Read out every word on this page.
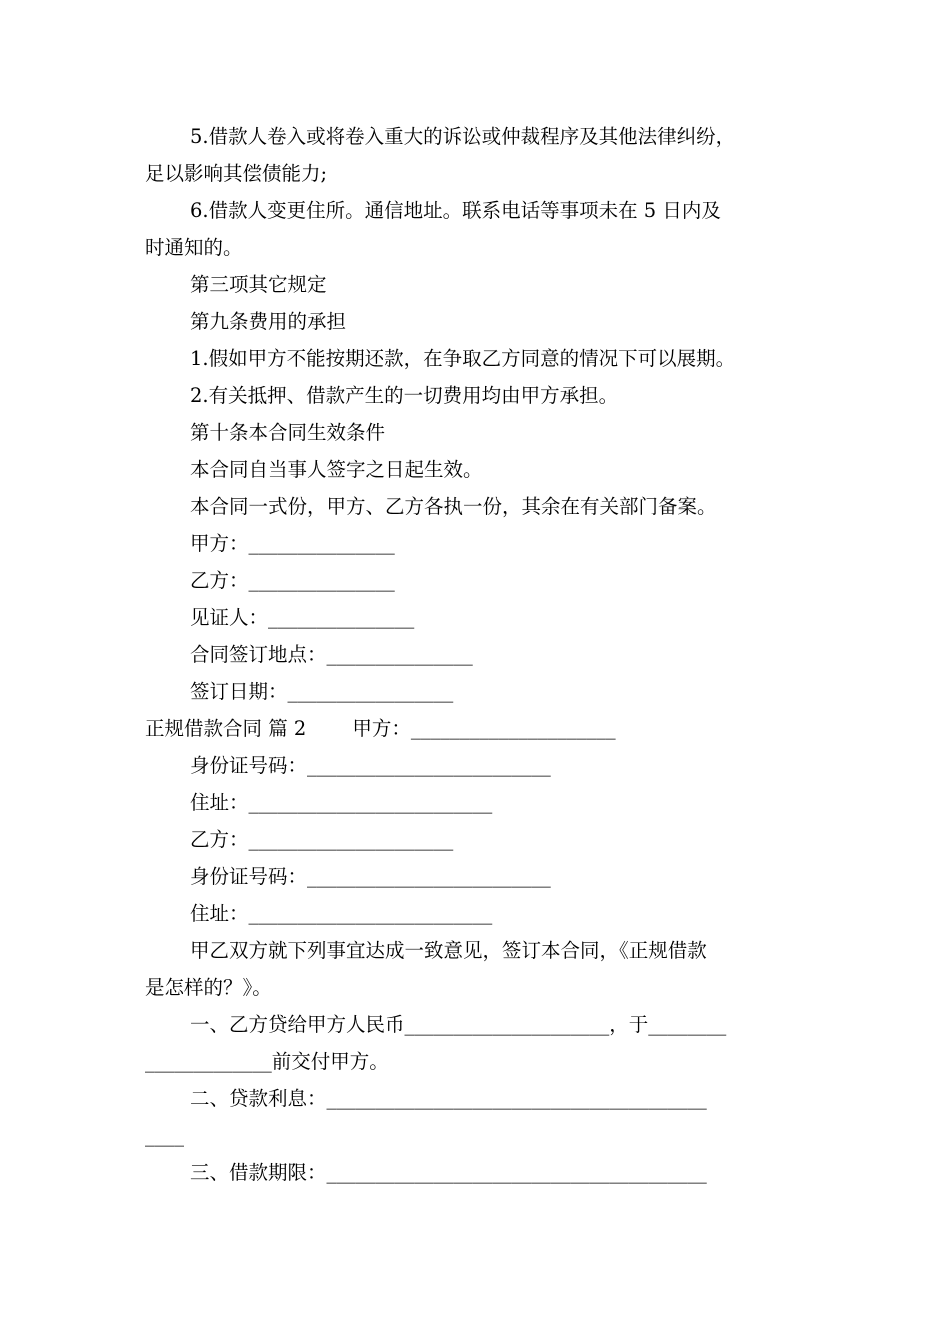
5.借款人卷入或将卷入重大的诉讼或仲裁程序及其他法律纠纷，
足以影响其偿债能力;
6.借款人变更住所。通信地址。联系电话等事项未在 5 日内及
时通知的。
第三项其它规定
第九条费用的承担
1.假如甲方不能按期还款，在争取乙方同意的情况下可以展期。
2.有关抵押、借款产生的一切费用均由甲方承担。
第十条本合同生效条件
本合同自当事人签字之日起生效。
本合同一式份，甲方、乙方各执一份，其余在有关部门备案。
甲方：_______________
乙方：_______________
见证人：_______________
合同签订地点：_______________
签订日期：_________________
正规借款合同 篇 2 甲方：_____________________
身份证号码：_________________________
住址：_________________________
乙方：_____________________
身份证号码：_________________________
住址：_________________________
甲乙双方就下列事宜达成一致意见，签订本合同，《正规借款
是怎样的？》。
一、乙方贷给甲方人民币_____________________，于________
_____________前交付甲方。
二、贷款利息：_______________________________________
____
三、借款期限：_______________________________________
